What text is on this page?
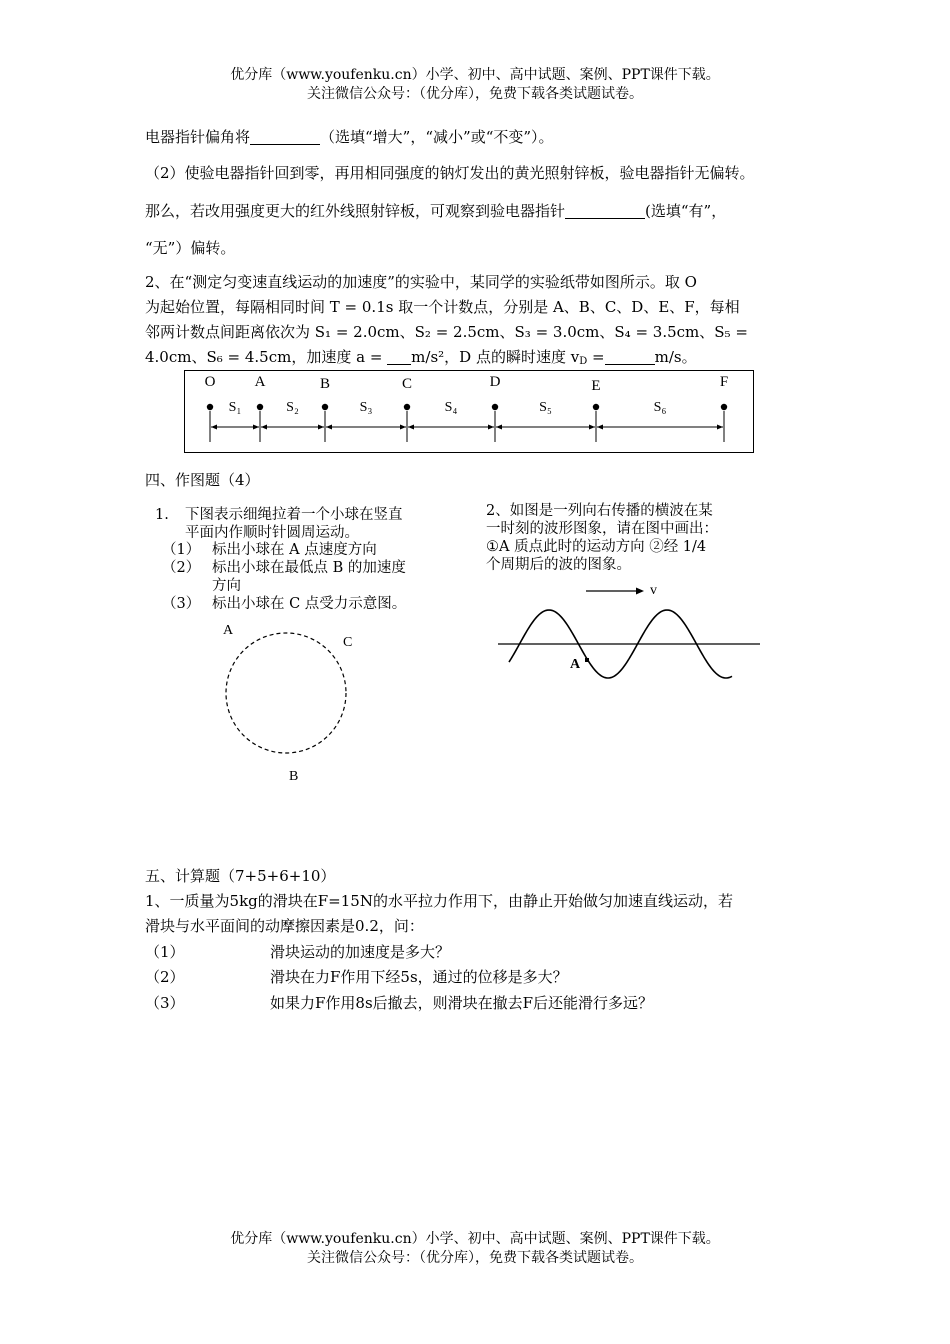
优分库（www.youfenku.cn）小学、初中、高中试题、案例、PPT课件下载。
关注微信公众号：（优分库），免费下载各类试题试卷。
电器指针偏角将	（选填“增大”，“减小”或“不变”）。
（2）使验电器指针回到零，再用相同强度的钠灯发出的黄光照射锌板，验电器指针无偏转。
那么，若改用强度更大的红外线照射锌板，可观察到验电器指针	(选填“有”，
“无”）偏转。
2、在“测定匀变速直线运动的加速度”的实验中，某同学的实验纸带如图所示。取 O
为起始位置，每隔相同时间 T = 0.1s 取一个计数点，分别是 A、B、C、D、E、F，每相
邻两计数点间距离依次为 S₁ = 2.0cm、S₂ = 2.5cm、S₃ = 3.0cm、S₄ = 3.5cm、S₅ =
4.0cm、S₆ = 4.5cm，加速度 a = m/s²，D 点的瞬时速度 $v_D$ =	m/s。
O	A	B	C	D	E	F
S₁	S₂	S₃	S₄	S₅	S₆
四、作图题（4）
1. 下图表示细绳拉着一个小球在竖直
平面内作顺时针圆周运动。
（1） 标出小球在 A 点速度方向
（2） 标出小球在最低点 B 的加速度
方向
（3） 标出小球在 C 点受力示意图。
A
C
B
2、如图是一列向右传播的横波在某
一时刻的波形图象，请在图中画出：
①A 质点此时的运动方向 ②经 1/4
个周期后的波的图象。
v
A
五、计算题（7+5+6+10）
1、一质量为5kg的滑块在F=15N的水平拉力作用下，由静止开始做匀加速直线运动，若
滑块与水平面间的动摩擦因素是0.2，问：
（1）	滑块运动的加速度是多大？
（2）	滑块在力F作用下经5s，通过的位移是多大？
（3）	如果力F作用8s后撤去，则滑块在撤去F后还能滑行多远？
优分库（www.youfenku.cn）小学、初中、高中试题、案例、PPT课件下载。
关注微信公众号：（优分库），免费下载各类试题试卷。
